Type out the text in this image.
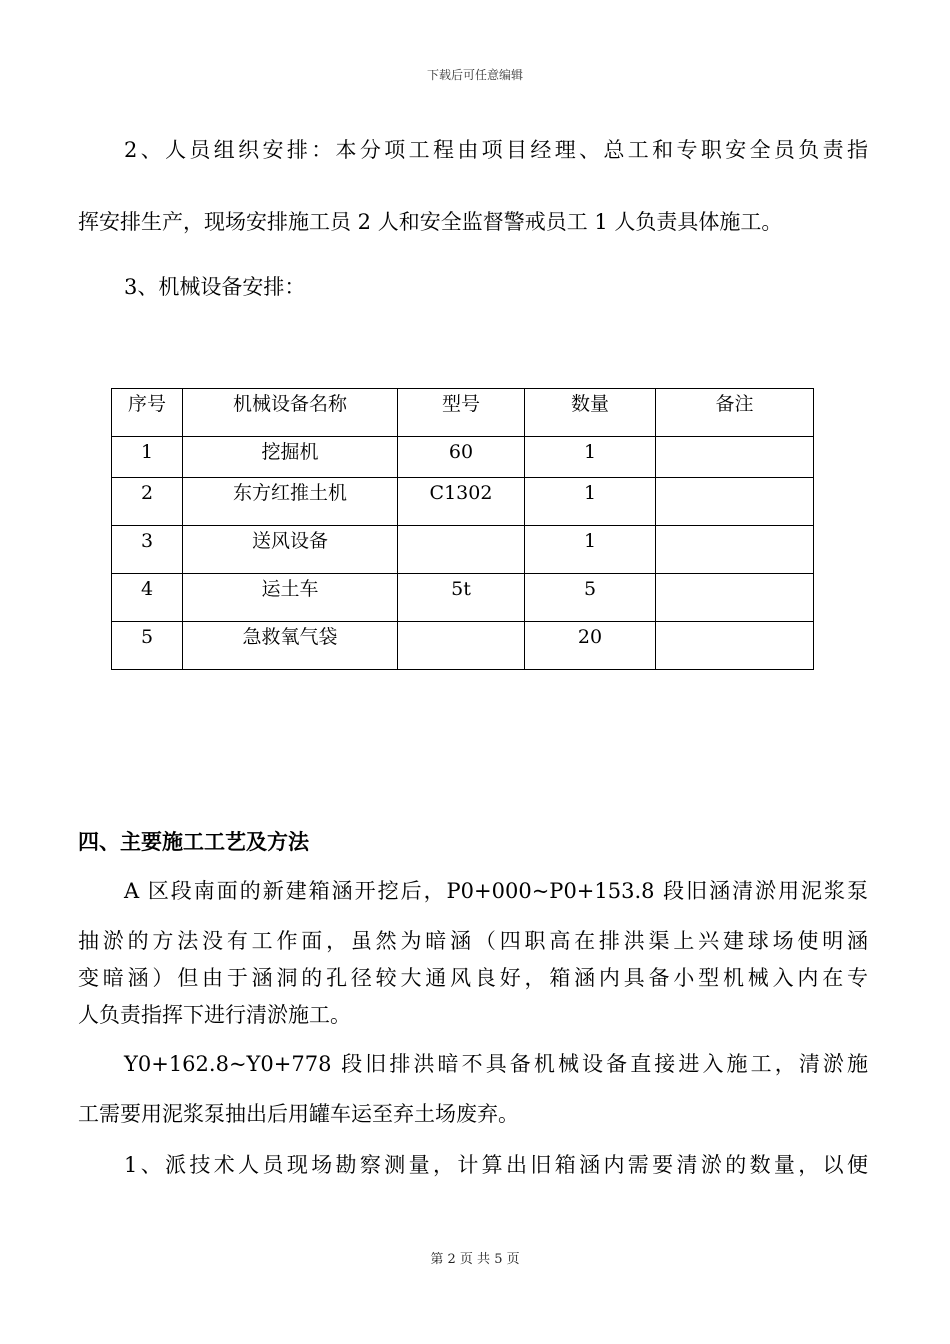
下载后可任意编辑
2、人员组织安排：本分项工程由项目经理、总工和专职安全员负责指
挥安排生产，现场安排施工员 2 人和安全监督警戒员工 1 人负责具体施工。
3、机械设备安排：
序号	机械设备名称	型号	数量	备注
1	挖掘机	60	1	
2	东方红推土机	C1302	1	
3	送风设备		1	
4	运土车	5t	5	
5	急救氧气袋		20	
四、主要施工工艺及方法
A 区段南面的新建箱涵开挖后，P0+000~P0+153.8 段旧涵清淤用泥浆泵
抽淤的方法没有工作面，虽然为暗涵（四职高在排洪渠上兴建球场使明涵
变暗涵）但由于涵洞的孔径较大通风良好，箱涵内具备小型机械入内在专
人负责指挥下进行清淤施工。
Y0+162.8~Y0+778 段旧排洪暗不具备机械设备直接进入施工，清淤施
工需要用泥浆泵抽出后用罐车运至弃土场废弃。
1、派技术人员现场勘察测量，计算出旧箱涵内需要清淤的数量，以便
第 2 页 共 5 页
